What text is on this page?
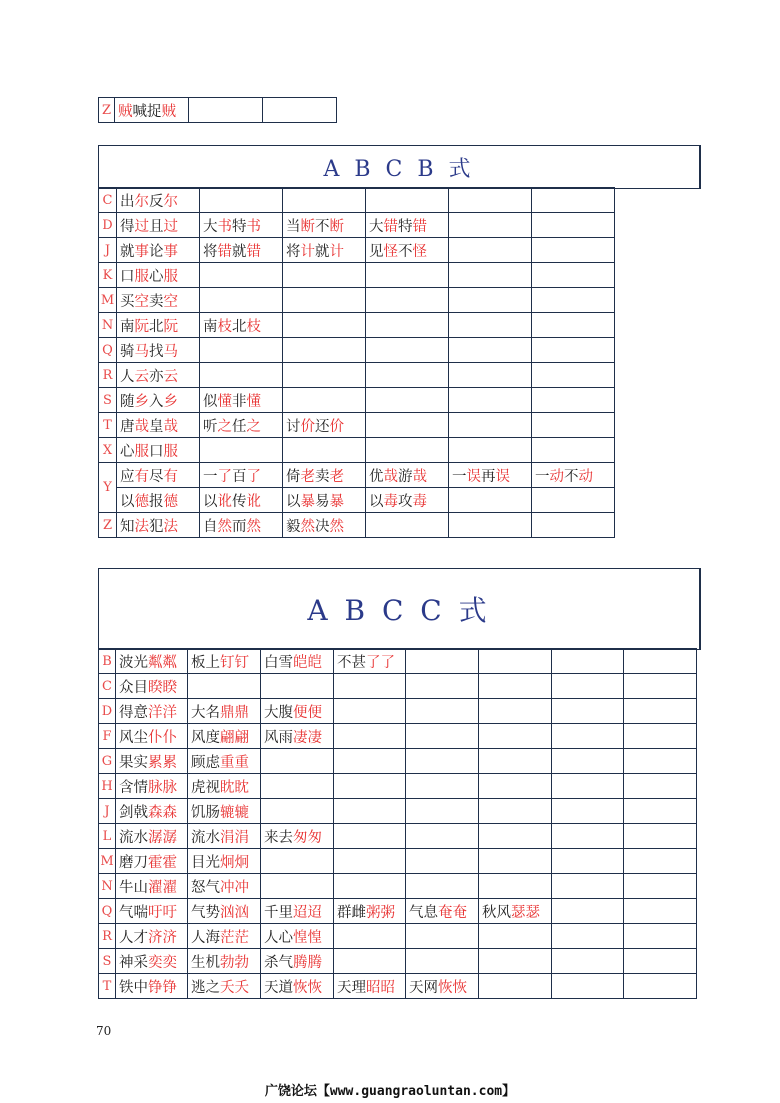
Z	贼喊捉贼		
A B C B 式
C	出尔反尔					
D	得过且过	大书特书	当断不断	大错特错		
J	就事论事	将错就错	将计就计	见怪不怪		
K	口服心服					
M	买空卖空					
N	南阮北阮	南枝北枝				
Q	骑马找马					
R	人云亦云					
S	随乡入乡	似懂非懂				
T	唐哉皇哉	听之任之	讨价还价			
X	心服口服					
Y	应有尽有	一了百了	倚老卖老	优哉游哉	一误再误	一动不动
	以德报德	以讹传讹	以暴易暴	以毒攻毒		
Z	知法犯法	自然而然	毅然决然			
A B C C 式
B	波光粼粼	板上钉钉	白雪皑皑	不甚了了				
C	众目睽睽							
D	得意洋洋	大名鼎鼎	大腹便便					
F	风尘仆仆	风度翩翩	风雨凄凄					
G	果实累累	顾虑重重						
H	含情脉脉	虎视眈眈						
J	剑戟森森	饥肠辘辘						
L	流水潺潺	流水涓涓	来去匆匆					
M	磨刀霍霍	目光炯炯						
N	牛山濯濯	怒气冲冲						
Q	气喘吁吁	气势汹汹	千里迢迢	群雌粥粥	气息奄奄	秋风瑟瑟		
R	人才济济	人海茫茫	人心惶惶					
S	神采奕奕	生机勃勃	杀气腾腾					
T	铁中铮铮	逃之夭夭	天道恢恢	天理昭昭	天网恢恢			
70
广饶论坛【www.guangraoluntan.com】
